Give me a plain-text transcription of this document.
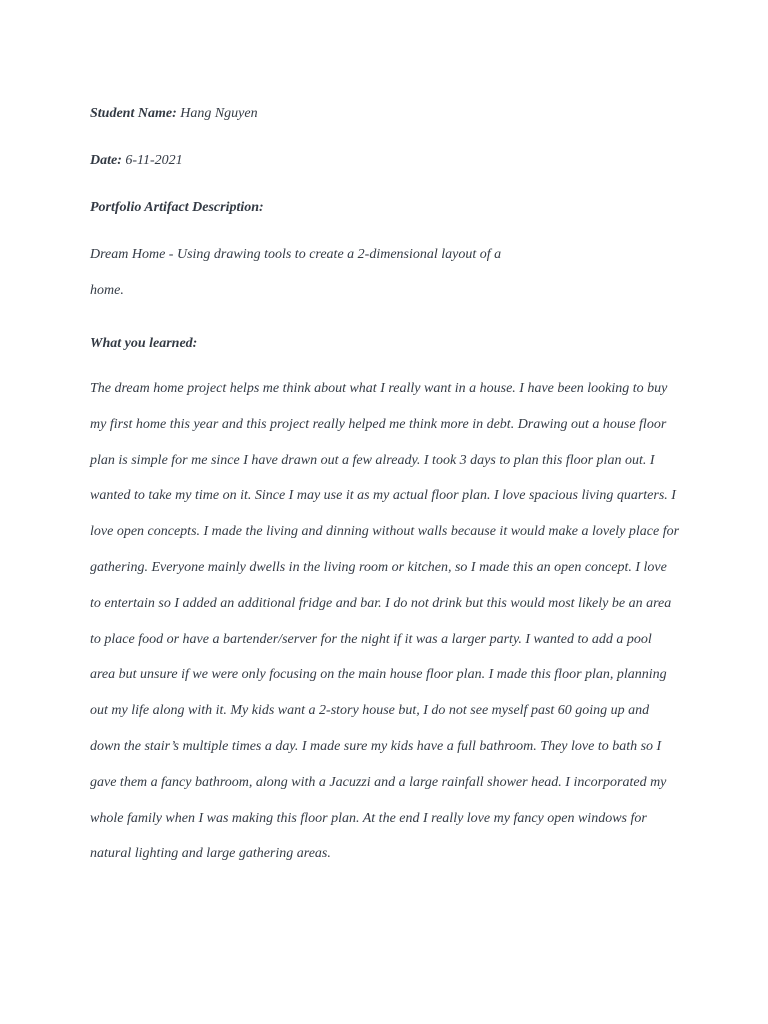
Student Name: Hang Nguyen

Date: 6-11-2021

Portfolio Artifact Description:

Dream Home - Using drawing tools to create a 2-dimensional layout of a home.

What you learned:

The dream home project helps me think about what I really want in a house. I have been looking to buy my first home this year and this project really helped me think more in debt. Drawing out a house floor plan is simple for me since I have drawn out a few already. I took 3 days to plan this floor plan out. I wanted to take my time on it. Since I may use it as my actual floor plan. I love spacious living quarters. I love open concepts. I made the living and dinning without walls because it would make a lovely place for gathering. Everyone mainly dwells in the living room or kitchen, so I made this an open concept. I love to entertain so I added an additional fridge and bar. I do not drink but this would most likely be an area to place food or have a bartender/server for the night if it was a larger party. I wanted to add a pool area but unsure if we were only focusing on the main house floor plan. I made this floor plan, planning out my life along with it. My kids want a 2-story house but, I do not see myself past 60 going up and down the stair’s multiple times a day. I made sure my kids have a full bathroom. They love to bath so I gave them a fancy bathroom, along with a Jacuzzi and a large rainfall shower head. I incorporated my whole family when I was making this floor plan. At the end I really love my fancy open windows for natural lighting and large gathering areas.
